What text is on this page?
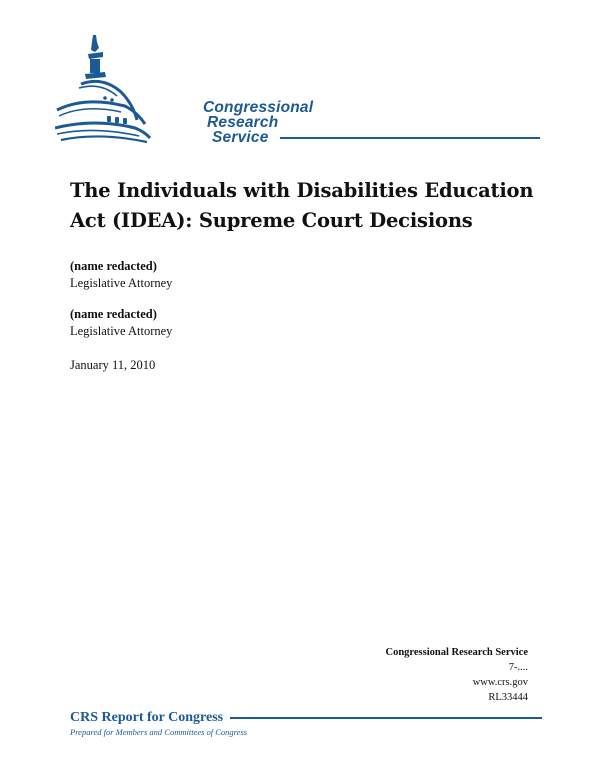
Congressional
Research
Service
The Individuals with Disabilities Education
Act (IDEA): Supreme Court Decisions
(name redacted)
Legislative Attorney
(name redacted)
Legislative Attorney
January 11, 2010
Congressional Research Service
7-....
www.crs.gov
RL33444
CRS Report for Congress
Prepared for Members and Committees of Congress
